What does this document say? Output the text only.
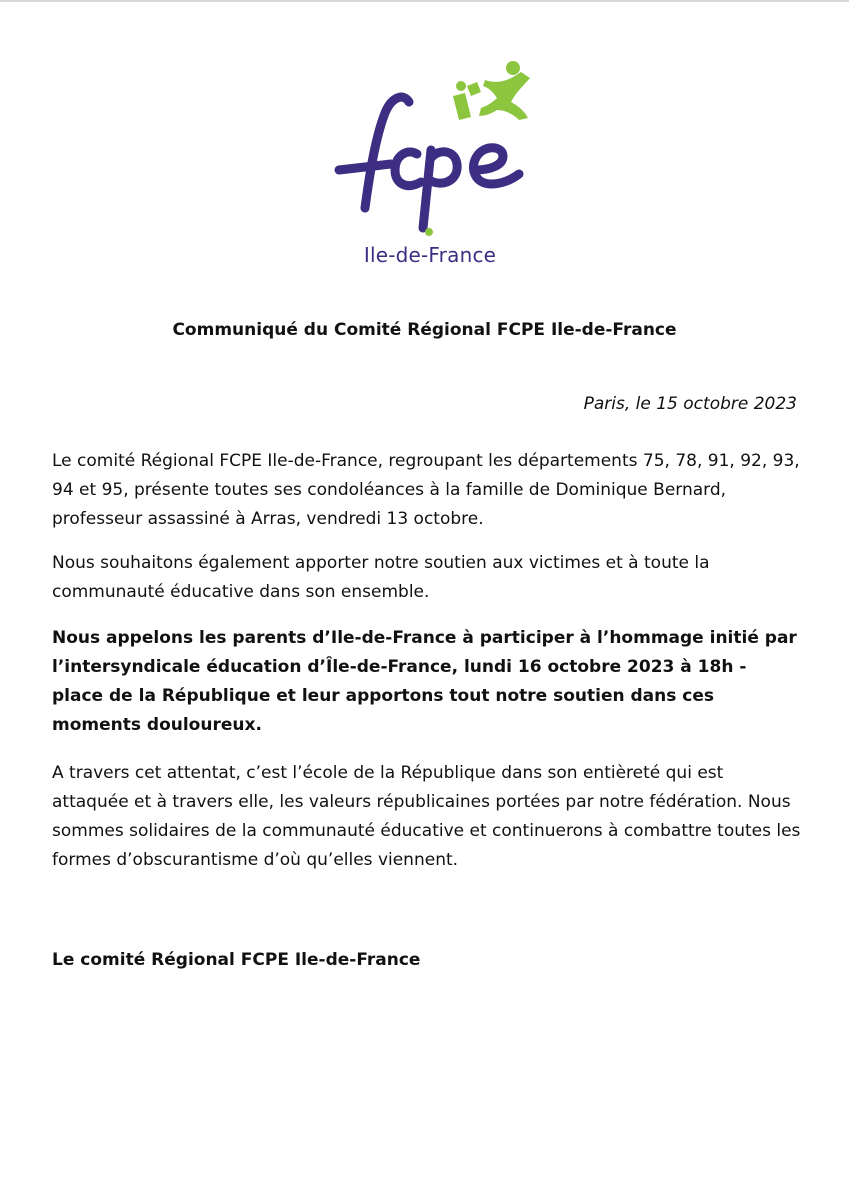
Ile-de-France
Communiqué du Comité Régional FCPE Ile-de-France
Paris, le 15 octobre 2023

Le comité Régional FCPE Ile-de-France, regroupant les départements 75, 78, 91, 92, 93, 94 et 95, présente toutes ses condoléances à la famille de Dominique Bernard, professeur assassiné à Arras, vendredi 13 octobre.

Nous souhaitons également apporter notre soutien aux victimes et à toute la communauté éducative dans son ensemble.

Nous appelons les parents d’Ile-de-France à participer à l’hommage initié par l’intersyndicale éducation d’Île-de-France, lundi 16 octobre 2023 à 18h - place de la République et leur apportons tout notre soutien dans ces moments douloureux.

A travers cet attentat, c’est l’école de la République dans son entièreté qui est attaquée et à travers elle, les valeurs républicaines portées par notre fédération. Nous sommes solidaires de la communauté éducative et continuerons à combattre toutes les formes d’obscurantisme d’où qu’elles viennent.

Le comité Régional FCPE Ile-de-France
